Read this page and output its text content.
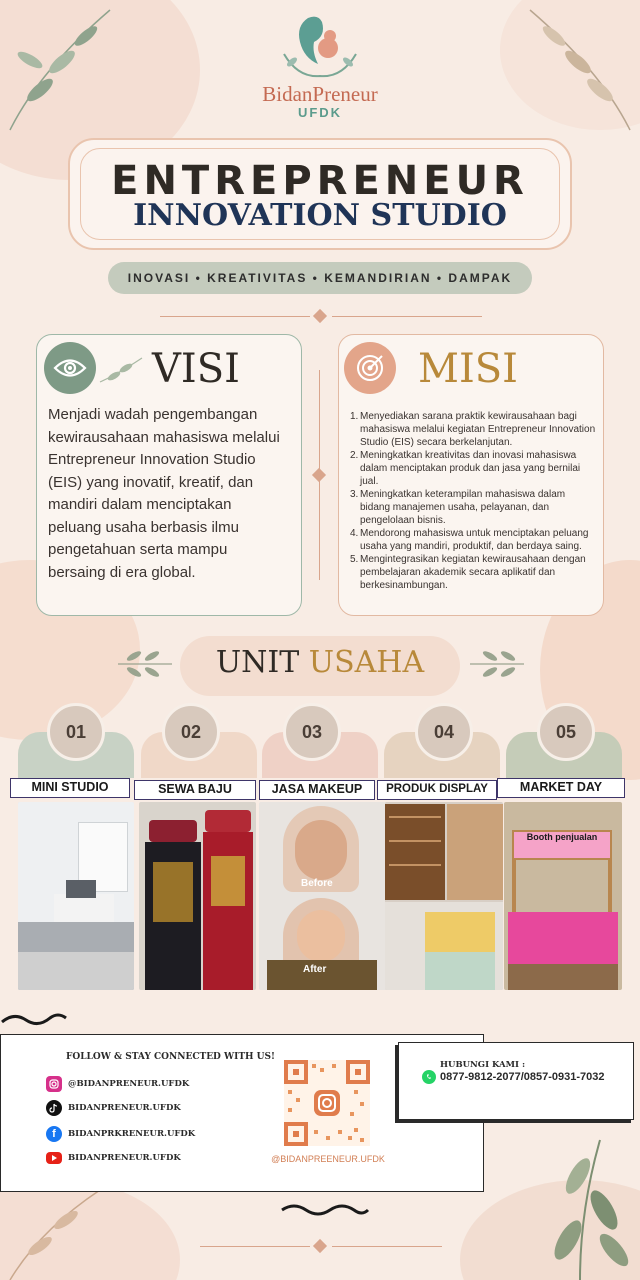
BidanPreneur
UFDK
ENTREPRENEUR
INNOVATION STUDIO
INOVASI • KREATIVITAS • KEMANDIRIAN • DAMPAK
VISI
Menjadi wadah pengembangan kewirausahaan mahasiswa melalui Entrepreneur Innovation Studio (EIS) yang inovatif, kreatif, dan mandiri dalam menciptakan peluang usaha berbasis ilmu pengetahuan serta mampu bersaing di era global.
MISI
1. Menyediakan sarana praktik kewirausahaan bagi mahasiswa melalui kegiatan Entrepreneur Innovation Studio (EIS) secara berkelanjutan.
2. Meningkatkan kreativitas dan inovasi mahasiswa dalam menciptakan produk dan jasa yang bernilai jual.
3. Meningkatkan keterampilan mahasiswa dalam bidang manajemen usaha, pelayanan, dan pengelolaan bisnis.
4. Mendorong mahasiswa untuk menciptakan peluang usaha yang mandiri, produktif, dan berdaya saing.
5. Mengintegrasikan kegiatan kewirausahaan dengan pembelajaran akademik secara aplikatif dan berkesinambungan.
UNIT USAHA
01
MINI STUDIO
02
SEWA BAJU
03
JASA MAKEUP
Before
After
04
PRODUK DISPLAY
05
MARKET DAY
Booth penjualan
FOLLOW & STAY CONNECTED WITH US!
@BIDANPRENEUR.UFDK
BIDANPRENEUR.UFDK
f BIDANPRKRENEUR.UFDK
BIDANPRENEUR.UFDK	@BIDANPREENEUR.UFDK
HUBUNGI KAMI :
0877-9812-2077/0857-0931-7032
